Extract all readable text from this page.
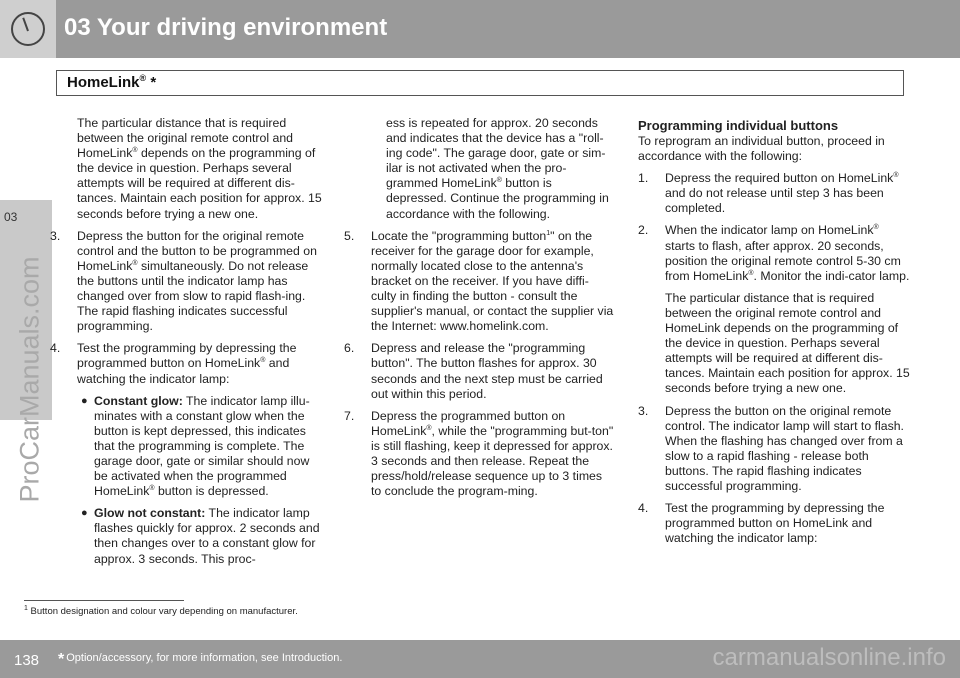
03 Your driving environment
HomeLink® *
03
ProCarManuals.com

The particular distance that is required between the original remote control and HomeLink® depends on the programming of the device in question. Perhaps several attempts will be required at different dis-tances. Maintain each position for approx. 15 seconds before trying a new one.

3. Depress the button for the original remote control and the button to be programmed on HomeLink® simultaneously. Do not release the buttons until the indicator lamp has changed over from slow to rapid flash-ing. The rapid flashing indicates successful programming.
4. Test the programming by depressing the programmed button on HomeLink® and watching the indicator lamp:
● Constant glow: The indicator lamp illu-minates with a constant glow when the button is kept depressed, this indicates that the programming is complete. The garage door, gate or similar should now be activated when the programmed HomeLink® button is depressed.
● Glow not constant: The indicator lamp flashes quickly for approx. 2 seconds and then changes over to a constant glow for approx. 3 seconds. This proc-

ess is repeated for approx. 20 seconds and indicates that the device has a "roll-ing code". The garage door, gate or sim-ilar is not activated when the pro-grammed HomeLink® button is depressed. Continue the programming in accordance with the following.

5. Locate the "programming button$^1$" on the receiver for the garage door for example, normally located close to the antenna's bracket on the receiver. If you have diffi-culty in finding the button - consult the supplier's manual, or contact the supplier via the Internet: www.homelink.com.
6. Depress and release the "programming button". The button flashes for approx. 30 seconds and the next step must be carried out within this period.
7. Depress the programmed button on HomeLink®, while the "programming but-ton" is still flashing, keep it depressed for approx. 3 seconds and then release. Repeat the press/hold/release sequence up to 3 times to conclude the program-ming.

Programming individual buttons

To reprogram an individual button, proceed in accordance with the following:

1. Depress the required button on HomeLink® and do not release until step 3 has been completed.
2. When the indicator lamp on HomeLink® starts to flash, after approx. 20 seconds, position the original remote control 5-30 cm from HomeLink®. Monitor the indi-cator lamp.

The particular distance that is required between the original remote control and HomeLink depends on the programming of the device in question. Perhaps several attempts will be required at different dis-tances. Maintain each position for approx. 15 seconds before trying a new one.

3. Depress the button on the original remote control. The indicator lamp will start to flash. When the flashing has changed over from a slow to a rapid flashing - release both buttons. The rapid flashing indicates successful programming.
4. Test the programming by depressing the programmed button on HomeLink and watching the indicator lamp:
$^1$ Button designation and colour vary depending on manufacturer.
138 * Option/accessory, for more information, see Introduction.	carmanualsonline.info
